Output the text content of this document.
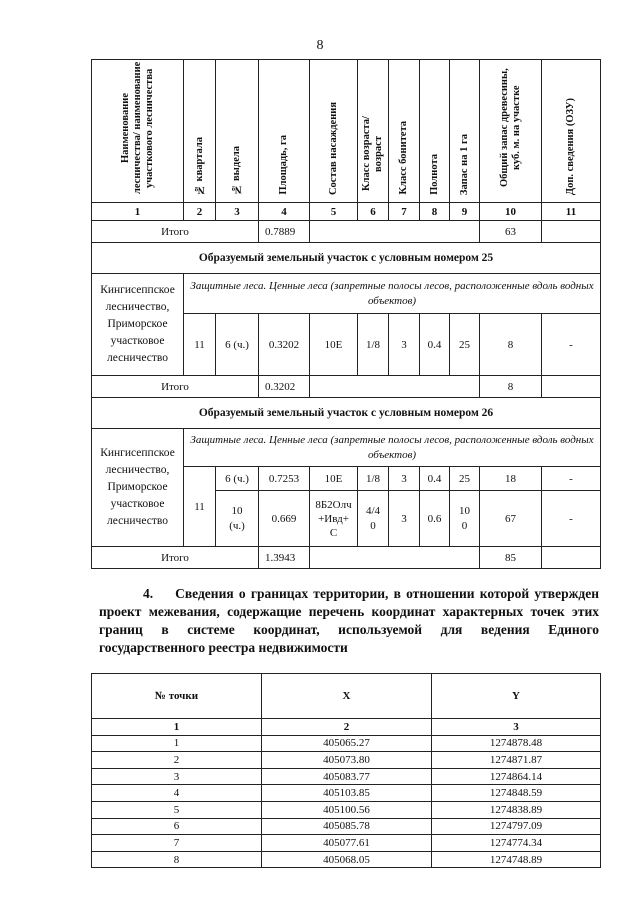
8
Наименование лесничества/ наименование участкового лесничества	№ квартала	№ выдела	Площадь, га	Состав насаждения	Класс возраста/возраст	Класс бонитета	Полнота	Запас на 1 га	Общий запас древесины, куб. м. на участке	Доп. сведения (ОЗУ)
1	2	3	4	5	6	7	8	9	10	11
Итого			0.7889						63	
Образуемый земельный участок с условным номером 25										
Кингисеппское лесничество, Приморское участковое лесничество	Защитные леса. Ценные леса (запретные полосы лесов, расположенные вдоль водных объектов)									
	11	6 (ч.)	0.3202	10Е	1/8	3	0.4	25	8	-
Итого			0.3202						8	
Образуемый земельный участок с условным номером 26										
Кингисеппское лесничество, Приморское участковое лесничество	Защитные леса. Ценные леса (запретные полосы лесов, расположенные вдоль водных объектов)									
	11	6 (ч.)	0.7253	10Е	1/8	3	0.4	25	18	-
		10 (ч.)	0.669	8Б2Олч+Ивд+С	4/40	3	0.6	100	67	-
Итого			1.3943						85	
4. Сведения о границах территории, в отношении которой утвержден проект межевания, содержащие перечень координат характерных точек этих границ в системе координат, используемой для ведения Единого государственного реестра недвижимости
№ точки	X	Y
1	2	3
1	405065.27	1274878.48
2	405073.80	1274871.87
3	405083.77	1274864.14
4	405103.85	1274848.59
5	405100.56	1274838.89
6	405085.78	1274797.09
7	405077.61	1274774.34
8	405068.05	1274748.89
